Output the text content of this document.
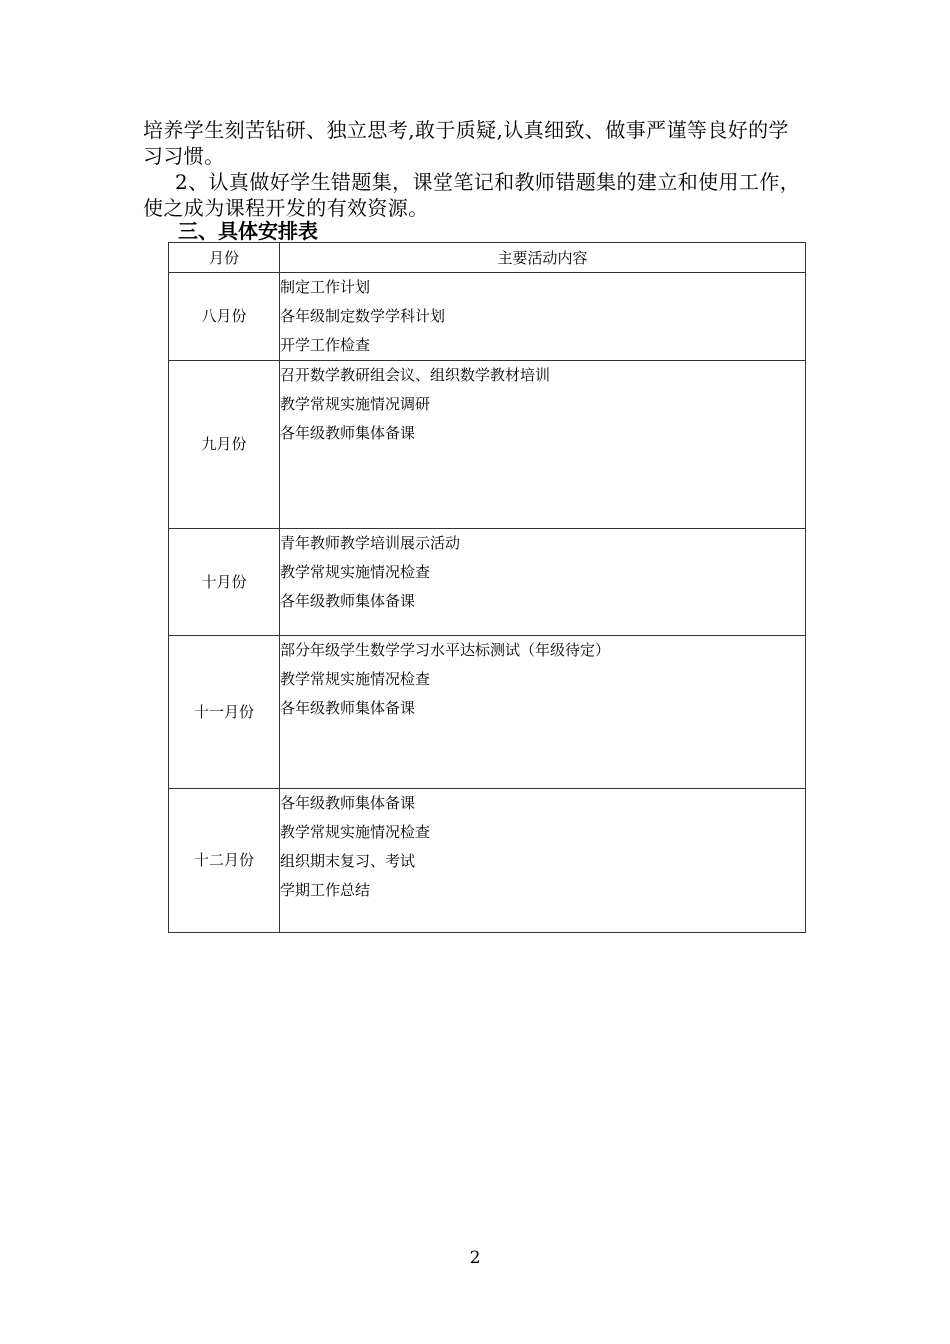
培养学生刻苦钻研、独立思考,敢于质疑,认真细致、做事严谨等良好的学习习惯。
2、认真做好学生错题集，课堂笔记和教师错题集的建立和使用工作，使之成为课程开发的有效资源。
三、具体安排表
月份	主要活动内容
八月份	制定工作计划
各年级制定数学学科计划
开学工作检查

九月份	召开数学教研组会议、组织数学教材培训
教学常规实施情况调研
各年级教师集体备课

十月份	青年教师教学培训展示活动
教学常规实施情况检查
各年级教师集体备课

十一月份	部分年级学生数学学习水平达标测试（年级待定）
教学常规实施情况检查
各年级教师集体备课

十二月份	各年级教师集体备课
教学常规实施情况检查
组织期末复习、考试
学期工作总结
2
